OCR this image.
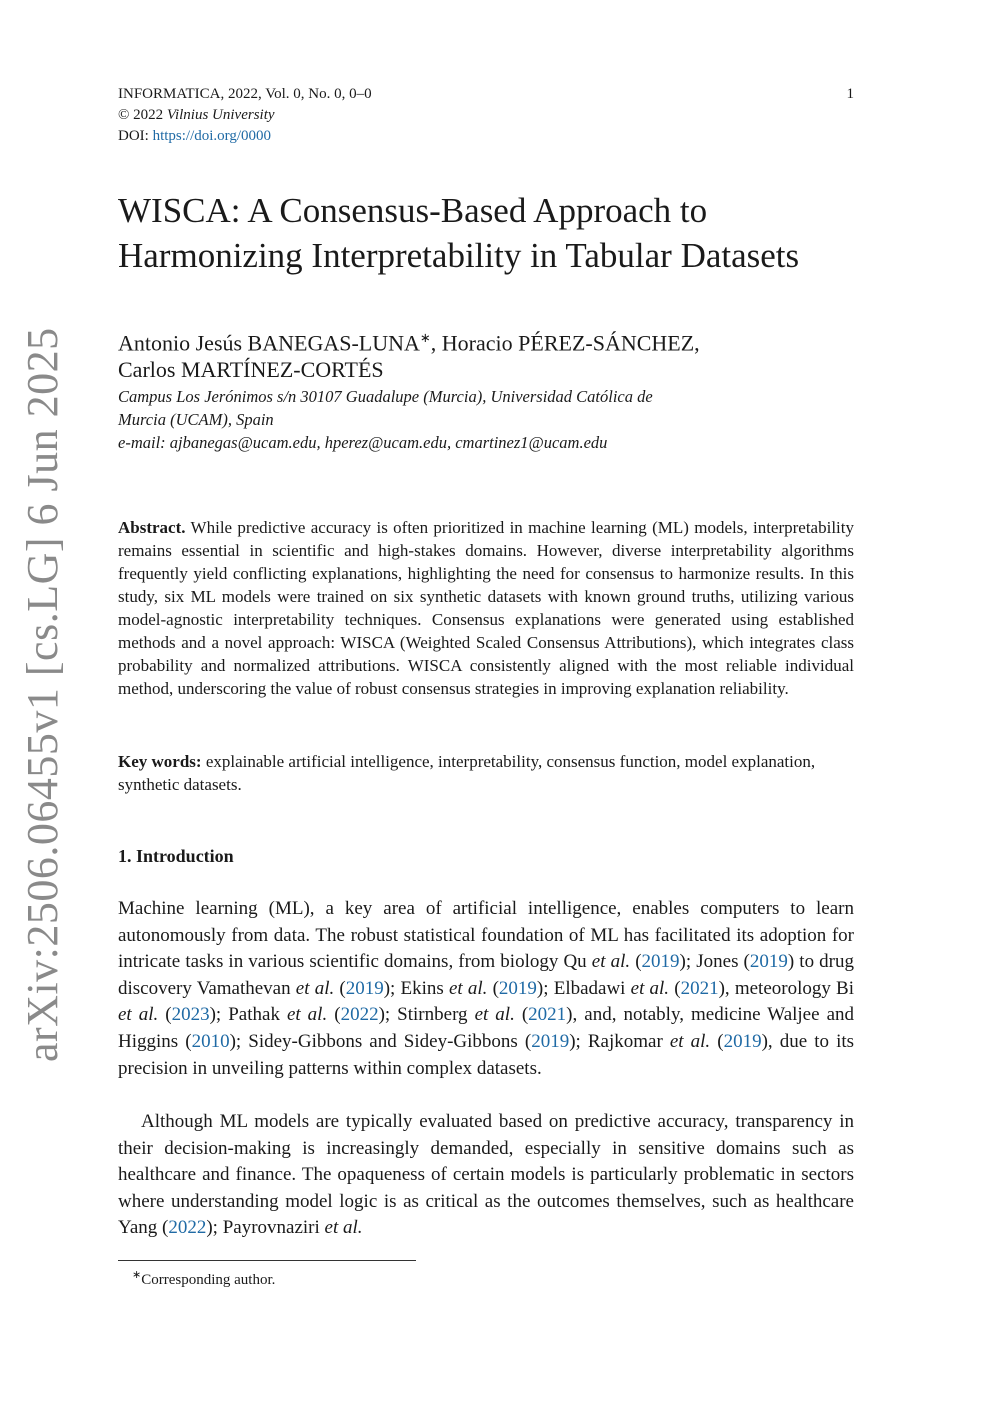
arXiv:2506.06455v1 [cs.LG] 6 Jun 2025
INFORMATICA, 2022, Vol. 0, No. 0, 0–0
© 2022 Vilnius University
DOI: https://doi.org/0000
1
WISCA: A Consensus-Based Approach to
Harmonizing Interpretability in Tabular Datasets
Antonio Jesús BANEGAS-LUNA∗, Horacio PÉREZ-SÁNCHEZ,
Carlos MARTÍNEZ-CORTÉS
Campus Los Jerónimos s/n 30107 Guadalupe (Murcia), Universidad Católica de
Murcia (UCAM), Spain
e-mail: ajbanegas@ucam.edu, hperez@ucam.edu, cmartinez1@ucam.edu

Abstract. While predictive accuracy is often prioritized in machine learning (ML) models, interpretability remains essential in scientific and high-stakes domains. However, diverse interpretability algorithms frequently yield conflicting explanations, highlighting the need for consensus to harmonize results. In this study, six ML models were trained on six synthetic datasets with known ground truths, utilizing various model-agnostic interpretability techniques. Consensus explanations were generated using established methods and a novel approach: WISCA (Weighted Scaled Consensus Attributions), which integrates class probability and normalized attributions. WISCA consistently aligned with the most reliable individual method, underscoring the value of robust consensus strategies in improving explanation reliability.

Key words: explainable artificial intelligence, interpretability, consensus function, model explanation, synthetic datasets.

1. Introduction

Machine learning (ML), a key area of artificial intelligence, enables computers to learn autonomously from data. The robust statistical foundation of ML has facilitated its adoption for intricate tasks in various scientific domains, from biology Qu et al. (2019); Jones (2019) to drug discovery Vamathevan et al. (2019); Ekins et al. (2019); Elbadawi et al. (2021), meteorology Bi et al. (2023); Pathak et al. (2022); Stirnberg et al. (2021), and, notably, medicine Waljee and Higgins (2010); Sidey-Gibbons and Sidey-Gibbons (2019); Rajkomar et al. (2019), due to its precision in unveiling patterns within complex datasets.

Although ML models are typically evaluated based on predictive accuracy, transparency in their decision-making is increasingly demanded, especially in sensitive domains such as healthcare and finance. The opaqueness of certain models is particularly problematic in sectors where understanding model logic is as critical as the outcomes themselves, such as healthcare Yang (2022); Payrovnaziri et al.

∗Corresponding author.
